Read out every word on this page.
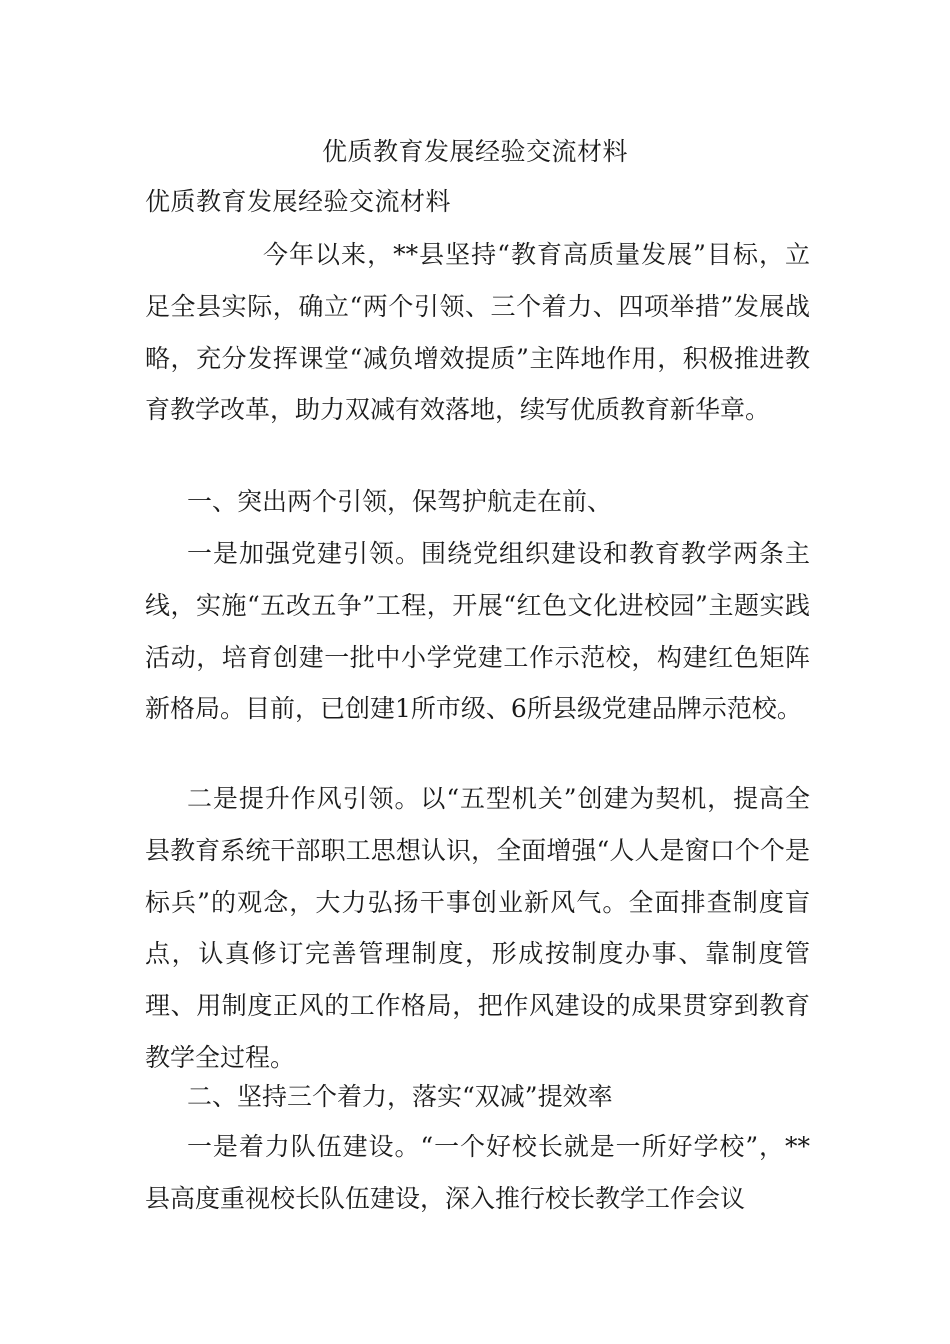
优质教育发展经验交流材料
优质教育发展经验交流材料
今年以来，**县坚持“教育高质量发展”目标，立足全县实际，确立“两个引领、三个着力、四项举措”发展战略，充分发挥课堂“减负增效提质”主阵地作用，积极推进教育教学改革，助力双减有效落地，续写优质教育新华章。
一、突出两个引领，保驾护航走在前、
一是加强党建引领。围绕党组织建设和教育教学两条主线，实施“五改五争”工程，开展“红色文化进校园”主题实践活动，培育创建一批中小学党建工作示范校，构建红色矩阵新格局。目前，已创建1所市级、6所县级党建品牌示范校。
二是提升作风引领。以“五型机关”创建为契机，提高全县教育系统干部职工思想认识，全面增强“人人是窗口个个是标兵”的观念，大力弘扬干事创业新风气。全面排查制度盲点，认真修订完善管理制度，形成按制度办事、靠制度管理、用制度正风的工作格局，把作风建设的成果贯穿到教育教学全过程。
二、坚持三个着力，落实“双减”提效率
一是着力队伍建设。“一个好校长就是一所好学校”，**县高度重视校长队伍建设，深入推行校长教学工作会议
